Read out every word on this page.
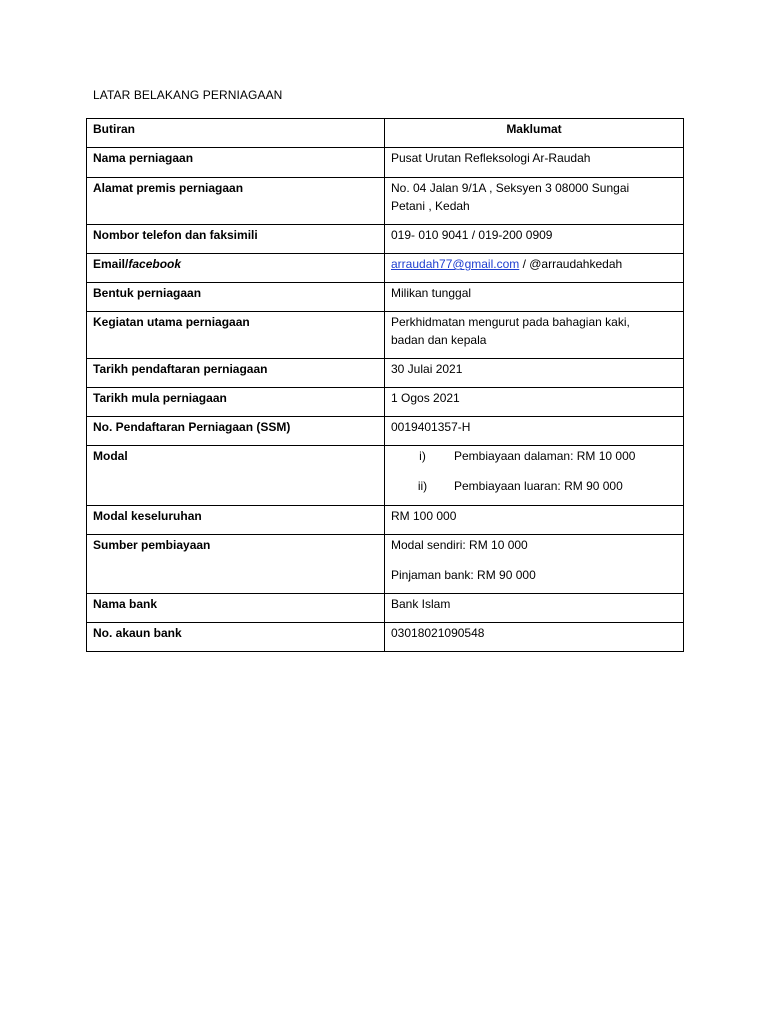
LATAR BELAKANG PERNIAGAAN
Butiran	Maklumat
Nama perniagaan	Pusat Urutan Refleksologi Ar-Raudah
Alamat premis perniagaan	No. 04 Jalan 9/1A , Seksyen 3 08000 Sungai
Petani , Kedah

Nombor telefon dan faksimili	019- 010 9041 / 019-200 0909
Email/facebook	arraudah77@gmail.com / @arraudahkedah
Bentuk perniagaan	Milikan tunggal
Kegiatan utama perniagaan	Perkhidmatan mengurut pada bahagian kaki,
badan dan kepala

Tarikh pendaftaran perniagaan	30 Julai 2021
Tarikh mula perniagaan	1 Ogos 2021
No. Pendaftaran Perniagaan (SSM)	0019401357-H
Modal	i) Pembiayaan dalaman: RM 10 000
ii) Pembiayaan luaran: RM 90 000

Modal keseluruhan	RM 100 000
Sumber pembiayaan	Modal sendiri: RM 10 000
Pinjaman bank: RM 90 000

Nama bank	Bank Islam
No. akaun bank	03018021090548
